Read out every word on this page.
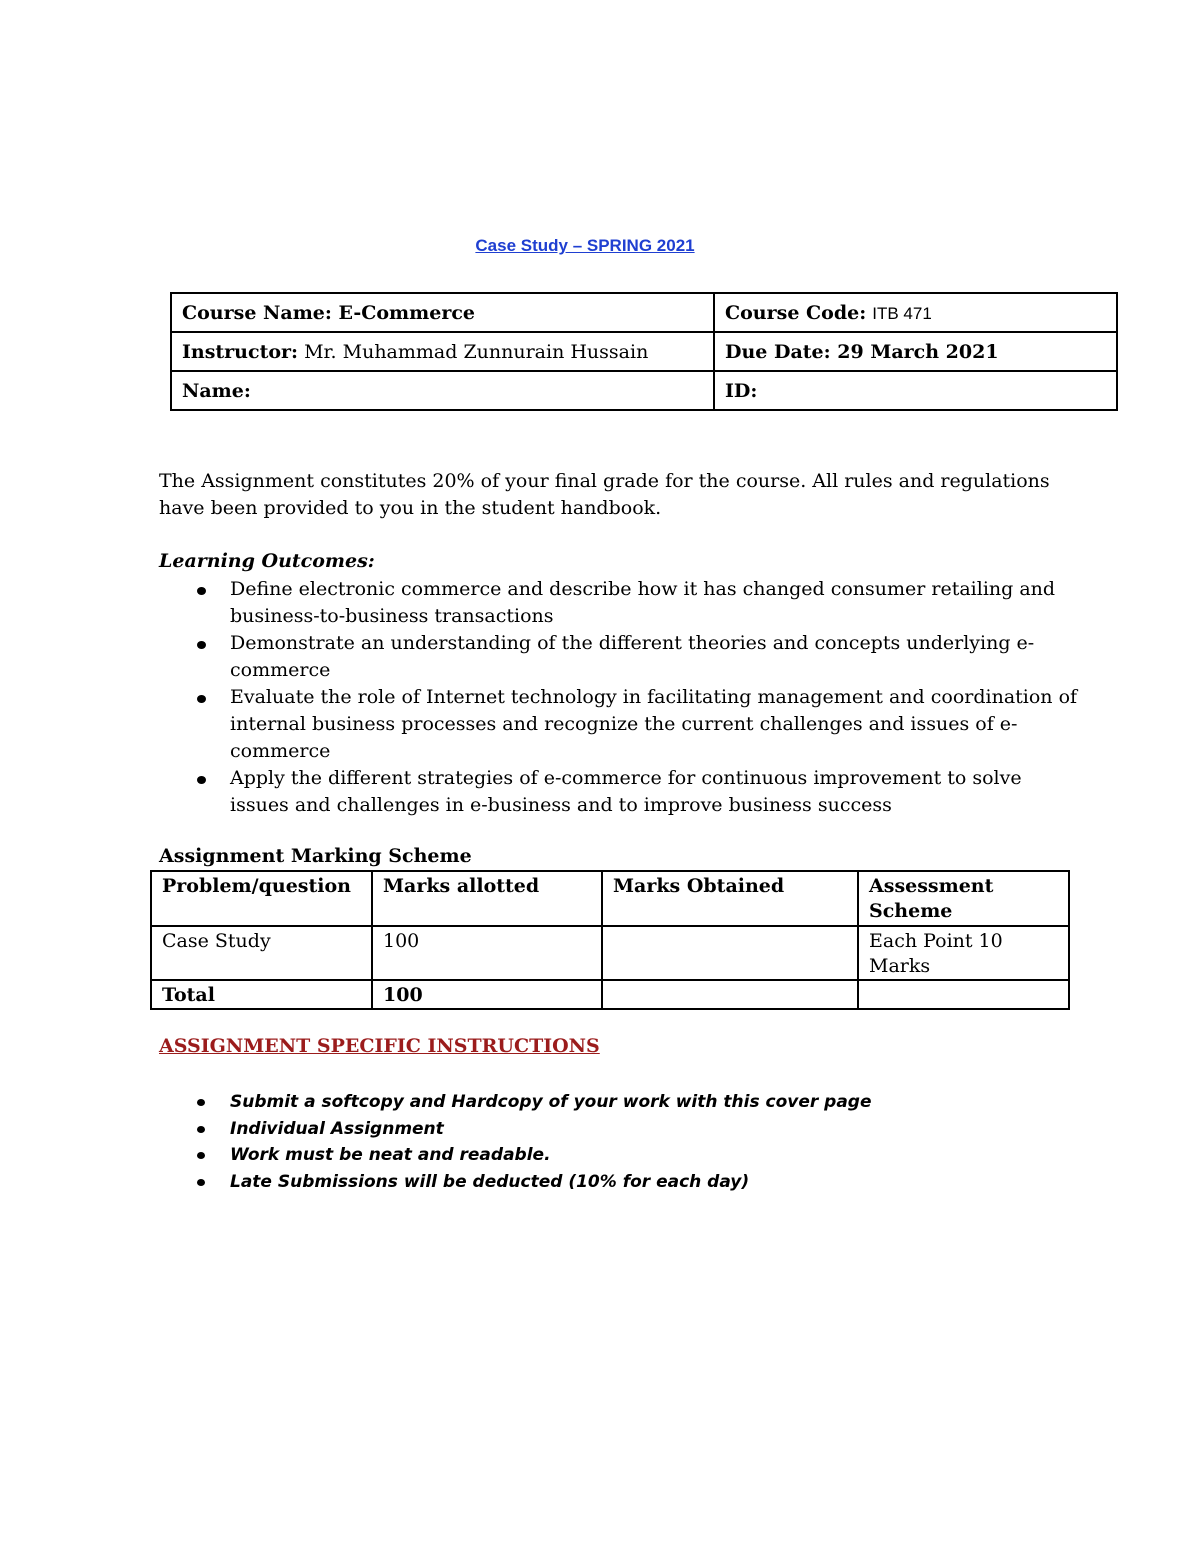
Case Study – SPRING 2021
Course Name: E-Commerce	Course Code: ITB 471
Instructor: Mr. Muhammad Zunnurain Hussain	Due Date: 29 March 2021
Name:	ID:
The Assignment constitutes 20% of your final grade for the course. All rules and regulations have been provided to you in the student handbook.
Learning Outcomes:
Define electronic commerce and describe how it has changed consumer retailing and business-to-business transactions
Demonstrate an understanding of the different theories and concepts underlying e-commerce
Evaluate the role of Internet technology in facilitating management and coordination of internal business processes and recognize the current challenges and issues of e-commerce
Apply the different strategies of e-commerce for continuous improvement to solve issues and challenges in e-business and to improve business success
Assignment Marking Scheme
Problem/question	Marks allotted	Marks Obtained	Assessment Scheme
Case Study	100		Each Point 10 Marks
Total	100		
ASSIGNMENT SPECIFIC INSTRUCTIONS
Submit a softcopy and Hardcopy of your work with this cover page
Individual Assignment
Work must be neat and readable.
Late Submissions will be deducted (10% for each day)
